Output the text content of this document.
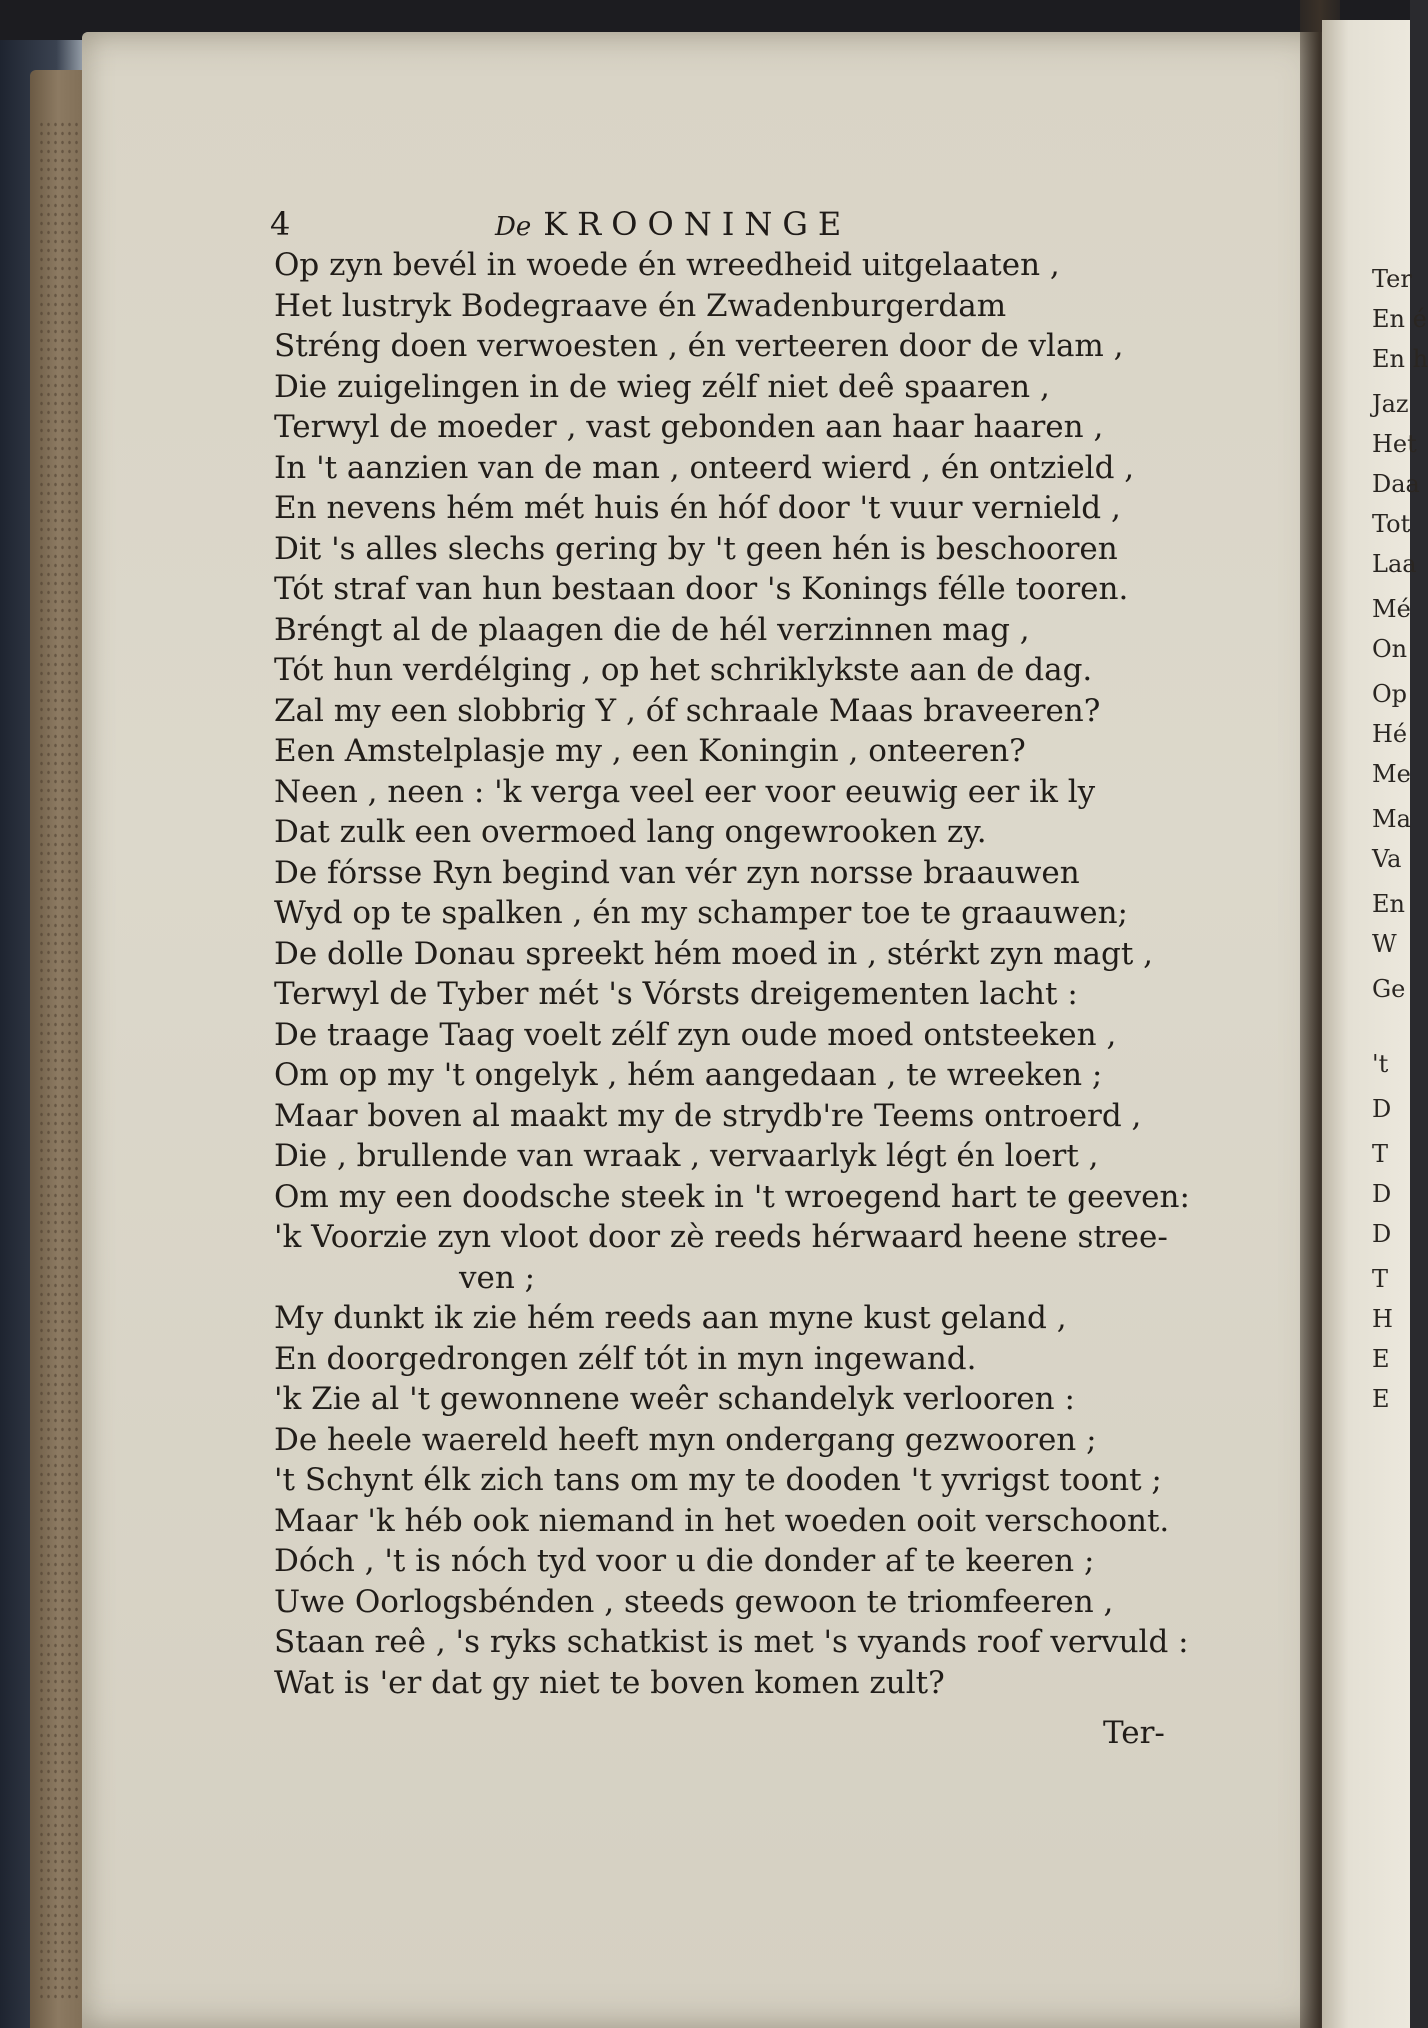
Ter
En é
En h
Jaz
Het
Daa
Tot
Laa
Mé
On
Op
Hé
Me
Ma
Va
En
W
Ge
't
D
T
D
D
T
H
E
E
4	De KROONINGE
Op zyn bevél in woede én wreedheid uitgelaaten ,
Het lustryk Bodegraave én Zwadenburgerdam
Stréng doen verwoesten , én verteeren door de vlam ,
Die zuigelingen in de wieg zélf niet deê spaaren ,
Terwyl de moeder , vast gebonden aan haar haaren ,
In 't aanzien van de man , onteerd wierd , én ontzield ,
En nevens hém mét huis én hóf door 't vuur vernield ,
Dit 's alles slechs gering by 't geen hén is beschooren
Tót straf van hun bestaan door 's Konings félle tooren.
Bréngt al de plaagen die de hél verzinnen mag ,
Tót hun verdélging , op het schriklykste aan de dag.
Zal my een slobbrig Y , óf schraale Maas braveeren?
Een Amstelplasje my , een Koningin , onteeren?
Neen , neen : 'k verga veel eer voor eeuwig eer ik ly
Dat zulk een overmoed lang ongewrooken zy.
De fórsse Ryn begind van vér zyn norsse braauwen
Wyd op te spalken , én my schamper toe te graauwen;
De dolle Donau spreekt hém moed in , stérkt zyn magt ,
Terwyl de Tyber mét 's Vórsts dreigementen lacht :
De traage Taag voelt zélf zyn oude moed ontsteeken ,
Om op my 't ongelyk , hém aangedaan , te wreeken ;
Maar boven al maakt my de strydb're Teems ontroerd ,
Die , brullende van wraak , vervaarlyk légt én loert ,
Om my een doodsche steek in 't wroegend hart te geeven:
'k Voorzie zyn vloot door zè reeds hérwaard heene stree-
ven ;
My dunkt ik zie hém reeds aan myne kust geland ,
En doorgedrongen zélf tót in myn ingewand.
'k Zie al 't gewonnene weêr schandelyk verlooren :
De heele waereld heeft myn ondergang gezwooren ;
't Schynt élk zich tans om my te dooden 't yvrigst toont ;
Maar 'k héb ook niemand in het woeden ooit verschoont.
Dóch , 't is nóch tyd voor u die donder af te keeren ;
Uwe Oorlogsbénden , steeds gewoon te triomfeeren ,
Staan reê , 's ryks schatkist is met 's vyands roof vervuld :
Wat is 'er dat gy niet te boven komen zult?
Ter-
